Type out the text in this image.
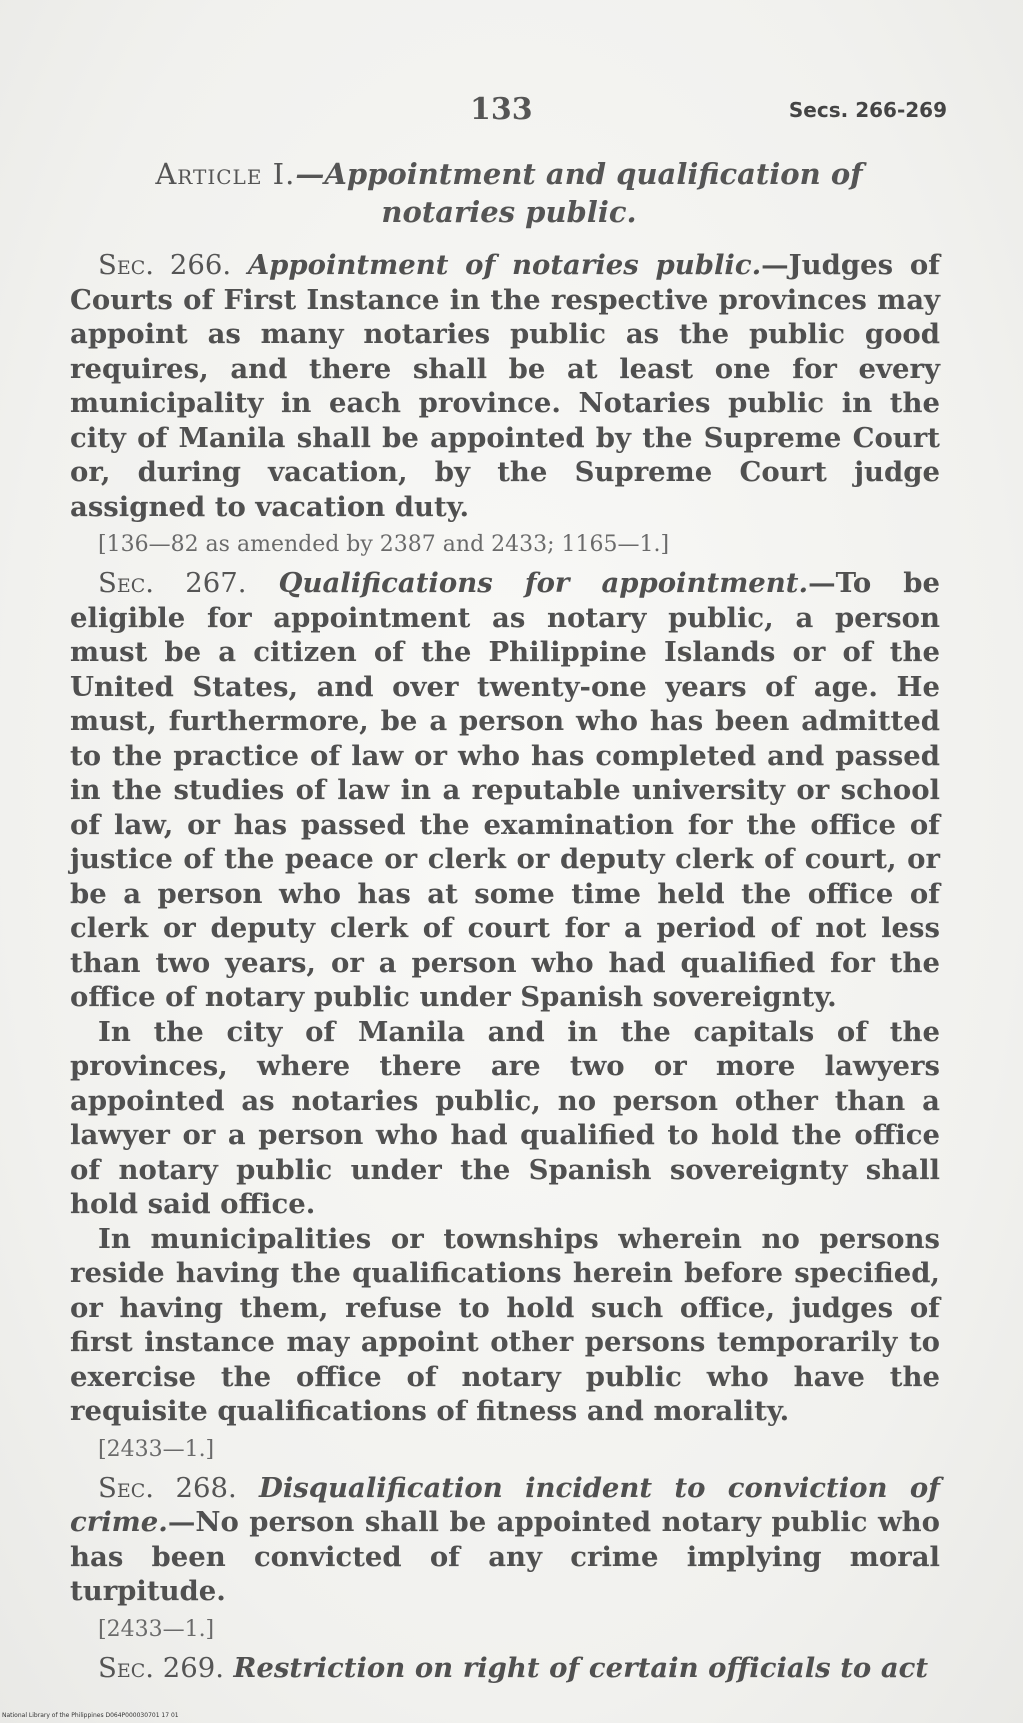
133	Secs. 266-269
Article I.—Appointment and qualification of notaries public.

Sec. 266. Appointment of notaries public.—Judges of Courts of First Instance in the respective provinces may appoint as many notaries public as the public good requires, and there shall be at least one for every municipality in each province. Notaries public in the city of Manila shall be appointed by the Supreme Court or, during vacation, by the Supreme Court judge assigned to vacation duty.

[136—82 as amended by 2387 and 2433; 1165—1.]

Sec. 267. Qualifications for appointment.—To be eligible for appointment as notary public, a person must be a citizen of the Philippine Islands or of the United States, and over twenty-one years of age. He must, furthermore, be a person who has been admitted to the practice of law or who has completed and passed in the studies of law in a reputable university or school of law, or has passed the examination for the office of justice of the peace or clerk or deputy clerk of court, or be a person who has at some time held the office of clerk or deputy clerk of court for a period of not less than two years, or a person who had qualified for the office of notary public under Spanish sovereignty.

In the city of Manila and in the capitals of the provinces, where there are two or more lawyers appointed as notaries public, no person other than a lawyer or a person who had qualified to hold the office of notary public under the Spanish sovereignty shall hold said office.

In municipalities or townships wherein no persons reside having the qualifications herein before specified, or having them, refuse to hold such office, judges of first instance may appoint other persons temporarily to exercise the office of notary public who have the requisite qualifications of fitness and morality.

[2433—1.]

Sec. 268. Disqualification incident to conviction of crime.—No person shall be appointed notary public who has been convicted of any crime implying moral turpitude.

[2433—1.]

Sec. 269. Restriction on right of certain officials to act

National Library of the Philippines D064P000030701 17 01
